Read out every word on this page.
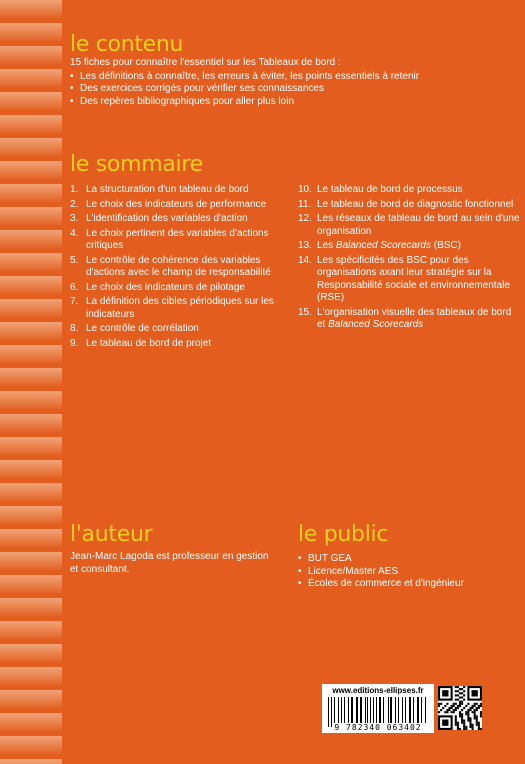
le contenu
15 fiches pour connaître l'essentiel sur les Tableaux de bord :
• Les définitions à connaître, les erreurs à éviter, les points essentiels à retenir
• Des exercices corrigés pour vérifier ses connaissances
• Des repères bibliographiques pour aller plus loin
le sommaire
1. La structuration d'un tableau de bord
2. Le choix des indicateurs de performance
3. L'identification des variables d'action
4. Le choix pertinent des variables d'actions critiques
5. Le contrôle de cohérence des variables d'actions avec le champ de responsabilité
6. Le choix des indicateurs de pilotage
7. La définition des cibles périodiques sur les indicateurs
8. Le contrôle de corrélation
9. Le tableau de bord de projet
10. Le tableau de bord de processus
11. Le tableau de bord de diagnostic fonctionnel
12. Les réseaux de tableau de bord au sein d'une organisation
13. Les Balanced Scorecards (BSC)
14. Les spécificités des BSC pour des organisations axant leur stratégie sur la Responsabilité sociale et environnementale (RSE)
15. L'organisation visuelle des tableaux de bord et Balanced Scorecards
l'auteur
Jean-Marc Lagoda est professeur en gestion et consultant.
le public
• BUT GEA
• Licence/Master AES
• Écoles de commerce et d'ingénieur
www.editions-ellipses.fr
9 782340 063402
